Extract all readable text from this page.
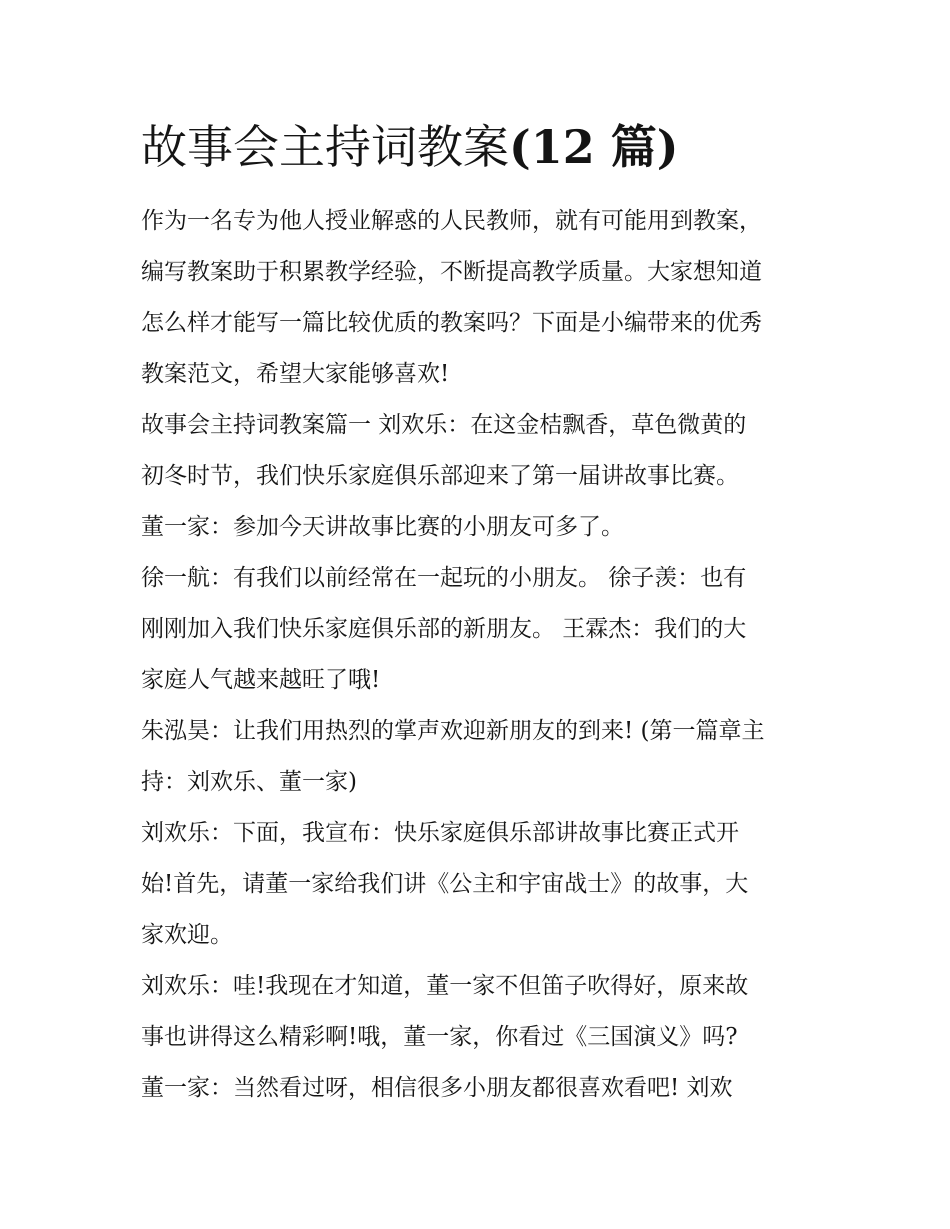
故事会主持词教案(12 篇)

作为一名专为他人授业解惑的人民教师，就有可能用到教案，

编写教案助于积累教学经验，不断提高教学质量。大家想知道

怎么样才能写一篇比较优质的教案吗？下面是小编带来的优秀

教案范文，希望大家能够喜欢!

故事会主持词教案篇一 刘欢乐：在这金桔飘香，草色微黄的

初冬时节，我们快乐家庭俱乐部迎来了第一届讲故事比赛。

董一家：参加今天讲故事比赛的小朋友可多了。

徐一航：有我们以前经常在一起玩的小朋友。 徐子羡：也有

刚刚加入我们快乐家庭俱乐部的新朋友。 王霖杰：我们的大

家庭人气越来越旺了哦!

朱泓昊：让我们用热烈的掌声欢迎新朋友的到来! (第一篇章主

持：刘欢乐、董一家)

刘欢乐：下面，我宣布：快乐家庭俱乐部讲故事比赛正式开

始!首先，请董一家给我们讲《公主和宇宙战士》的故事，大

家欢迎。

刘欢乐：哇!我现在才知道，董一家不但笛子吹得好，原来故

事也讲得这么精彩啊!哦，董一家，你看过《三国演义》吗?

董一家：当然看过呀，相信很多小朋友都很喜欢看吧! 刘欢
